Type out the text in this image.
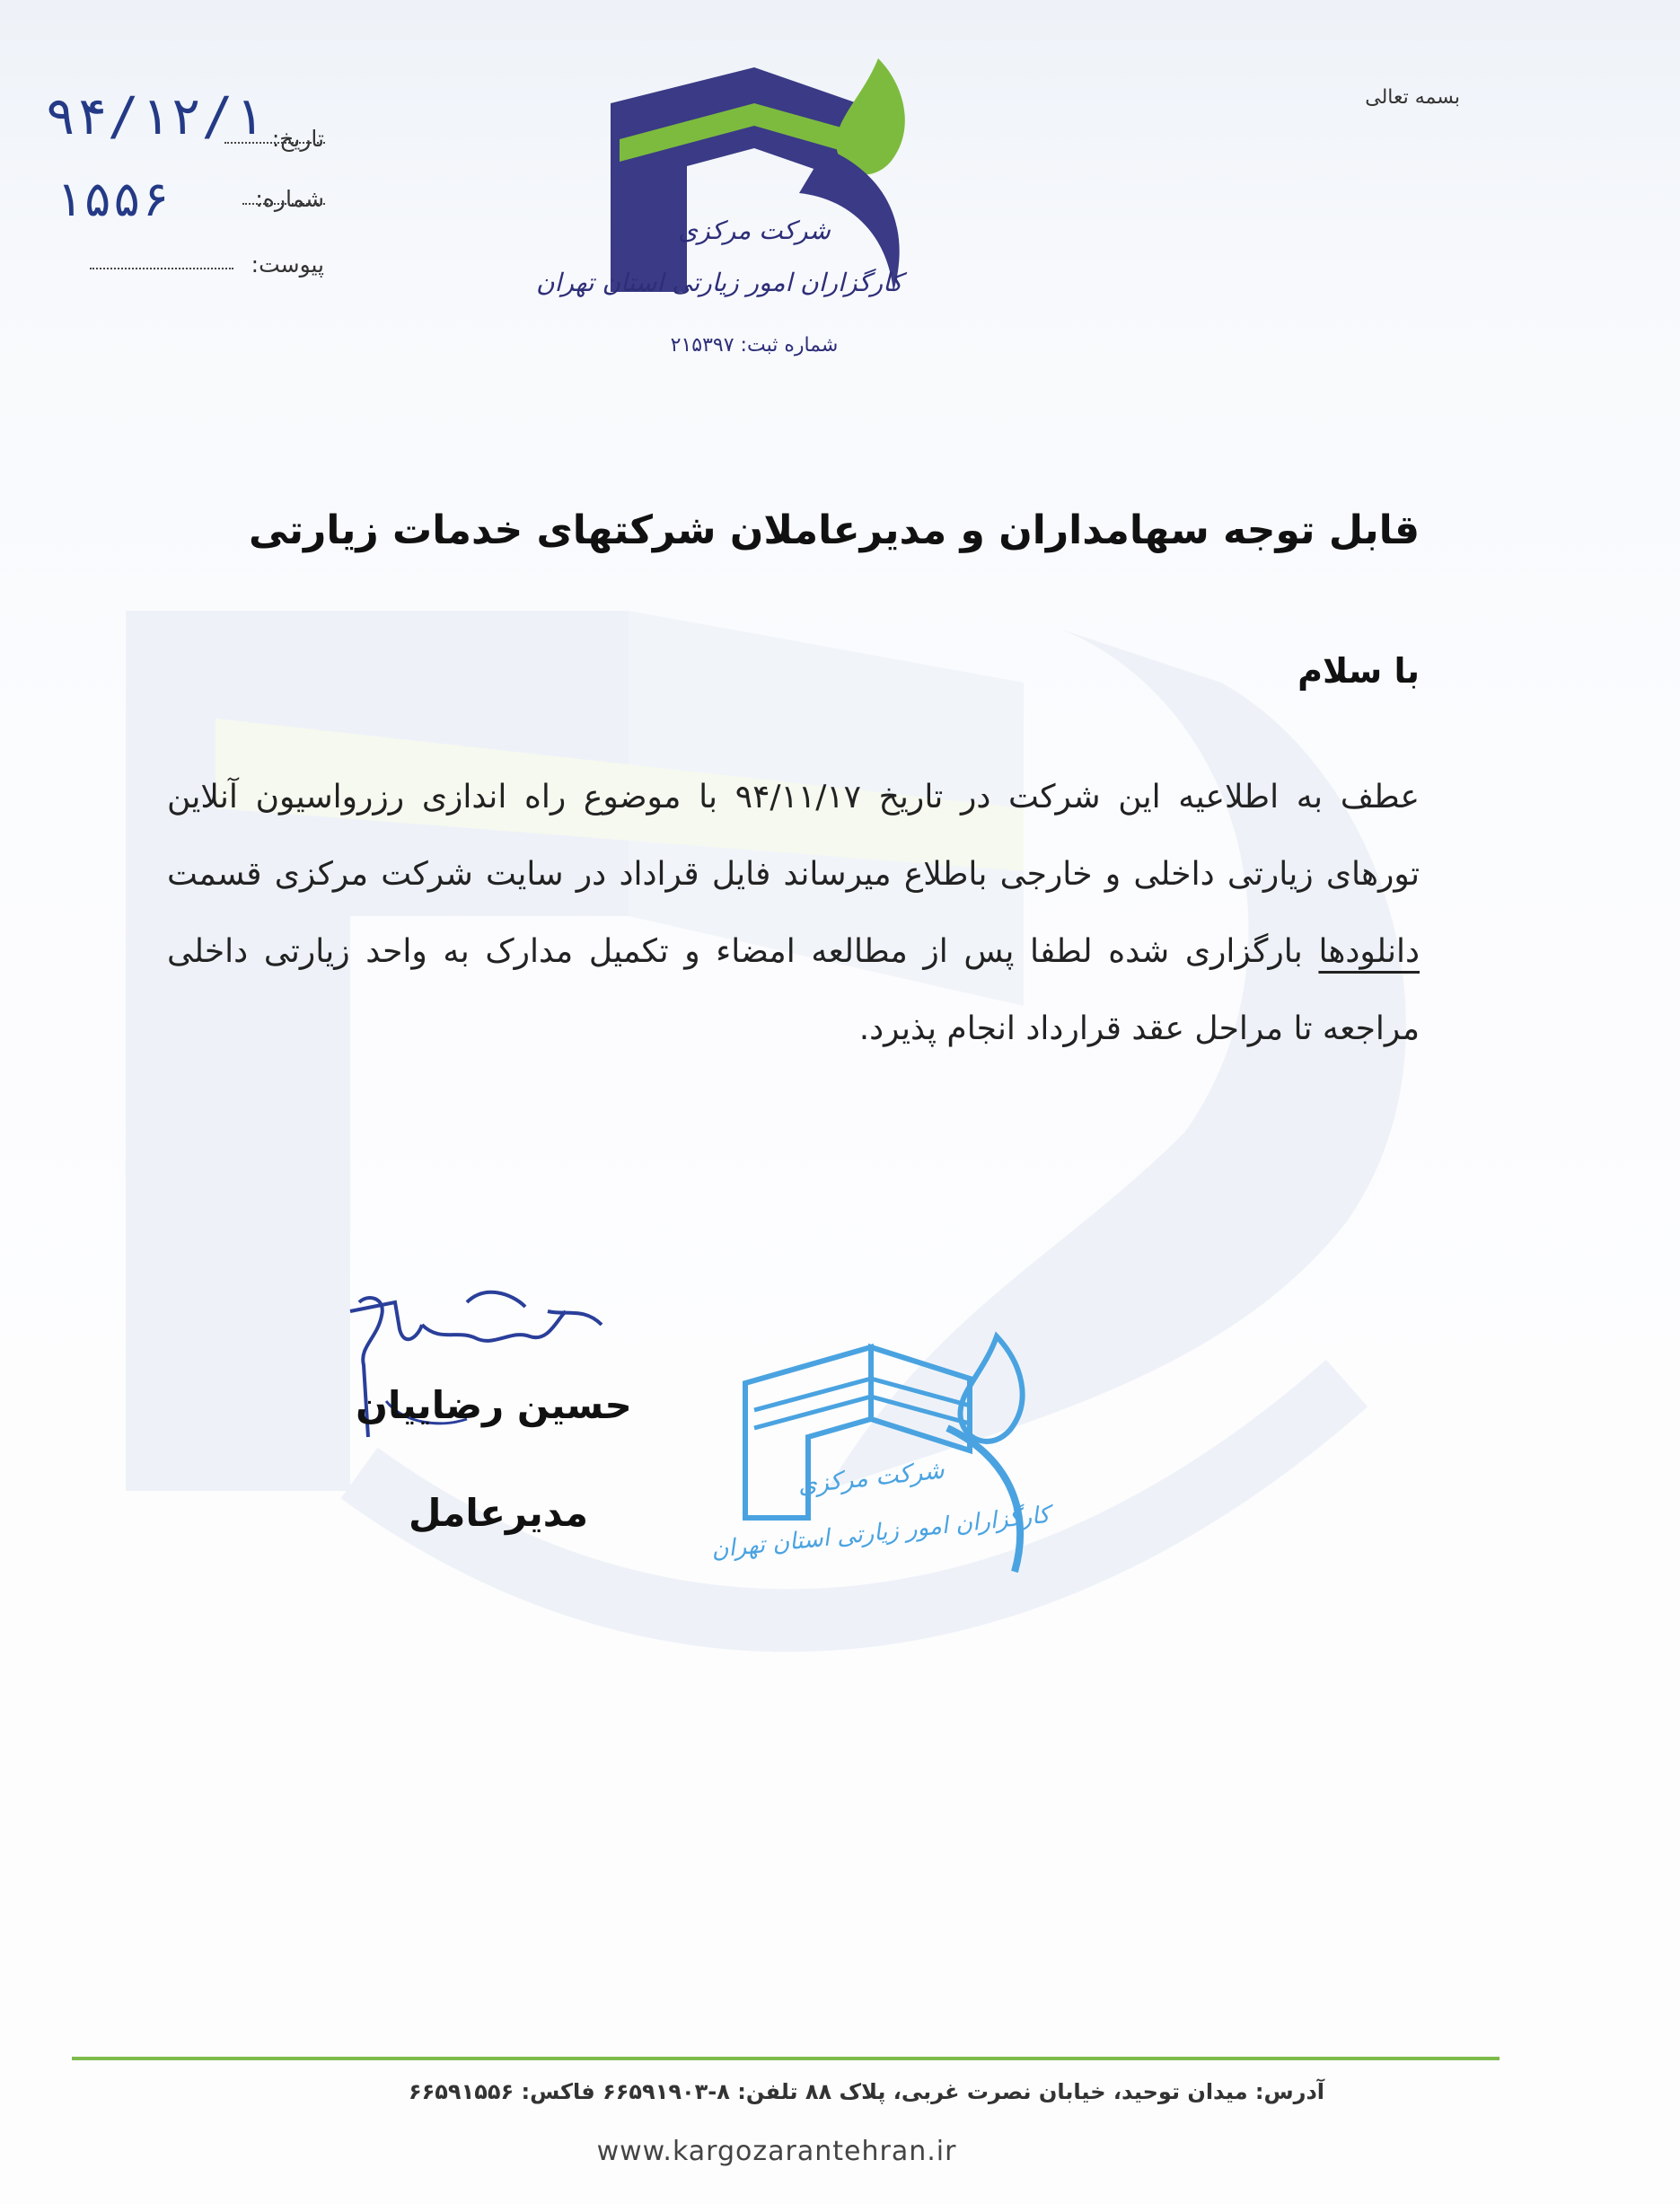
بسمه تعالی
تاریخ:
۹۴/۱۲/۱
شماره:
۱۵۵۶
پیوست:
شرکت مرکزی
کارگزاران امور زیارتی استان تهران
شماره ثبت: ۲۱۵۳۹۷
قابل توجه سهامداران و مدیرعاملان شرکتهای خدمات زیارتی
با سلام
عطف به اطلاعیه این شرکت در تاریخ ۹۴/۱۱/۱۷ با موضوع راه اندازی رزرواسیون آنلاین تورهای زیارتی داخلی و خارجی باطلاع میرساند فایل قراداد در سایت شرکت مرکزی قسمت دانلودها بارگزاری شده لطفا پس از مطالعه امضاء و تکمیل مدارک به واحد زیارتی داخلی مراجعه تا مراحل عقد قرارداد انجام پذیرد.
حسین رضاییان
مدیرعامل
شرکت مرکزی
کارگزاران امور زیارتی استان تهران
آدرس: میدان توحید، خیابان نصرت غربی، پلاک ۸۸ تلفن: ۸-۶۶۵۹۱۹۰۳ فاکس: ۶۶۵۹۱۵۵۶
www.kargozarantehran.ir
